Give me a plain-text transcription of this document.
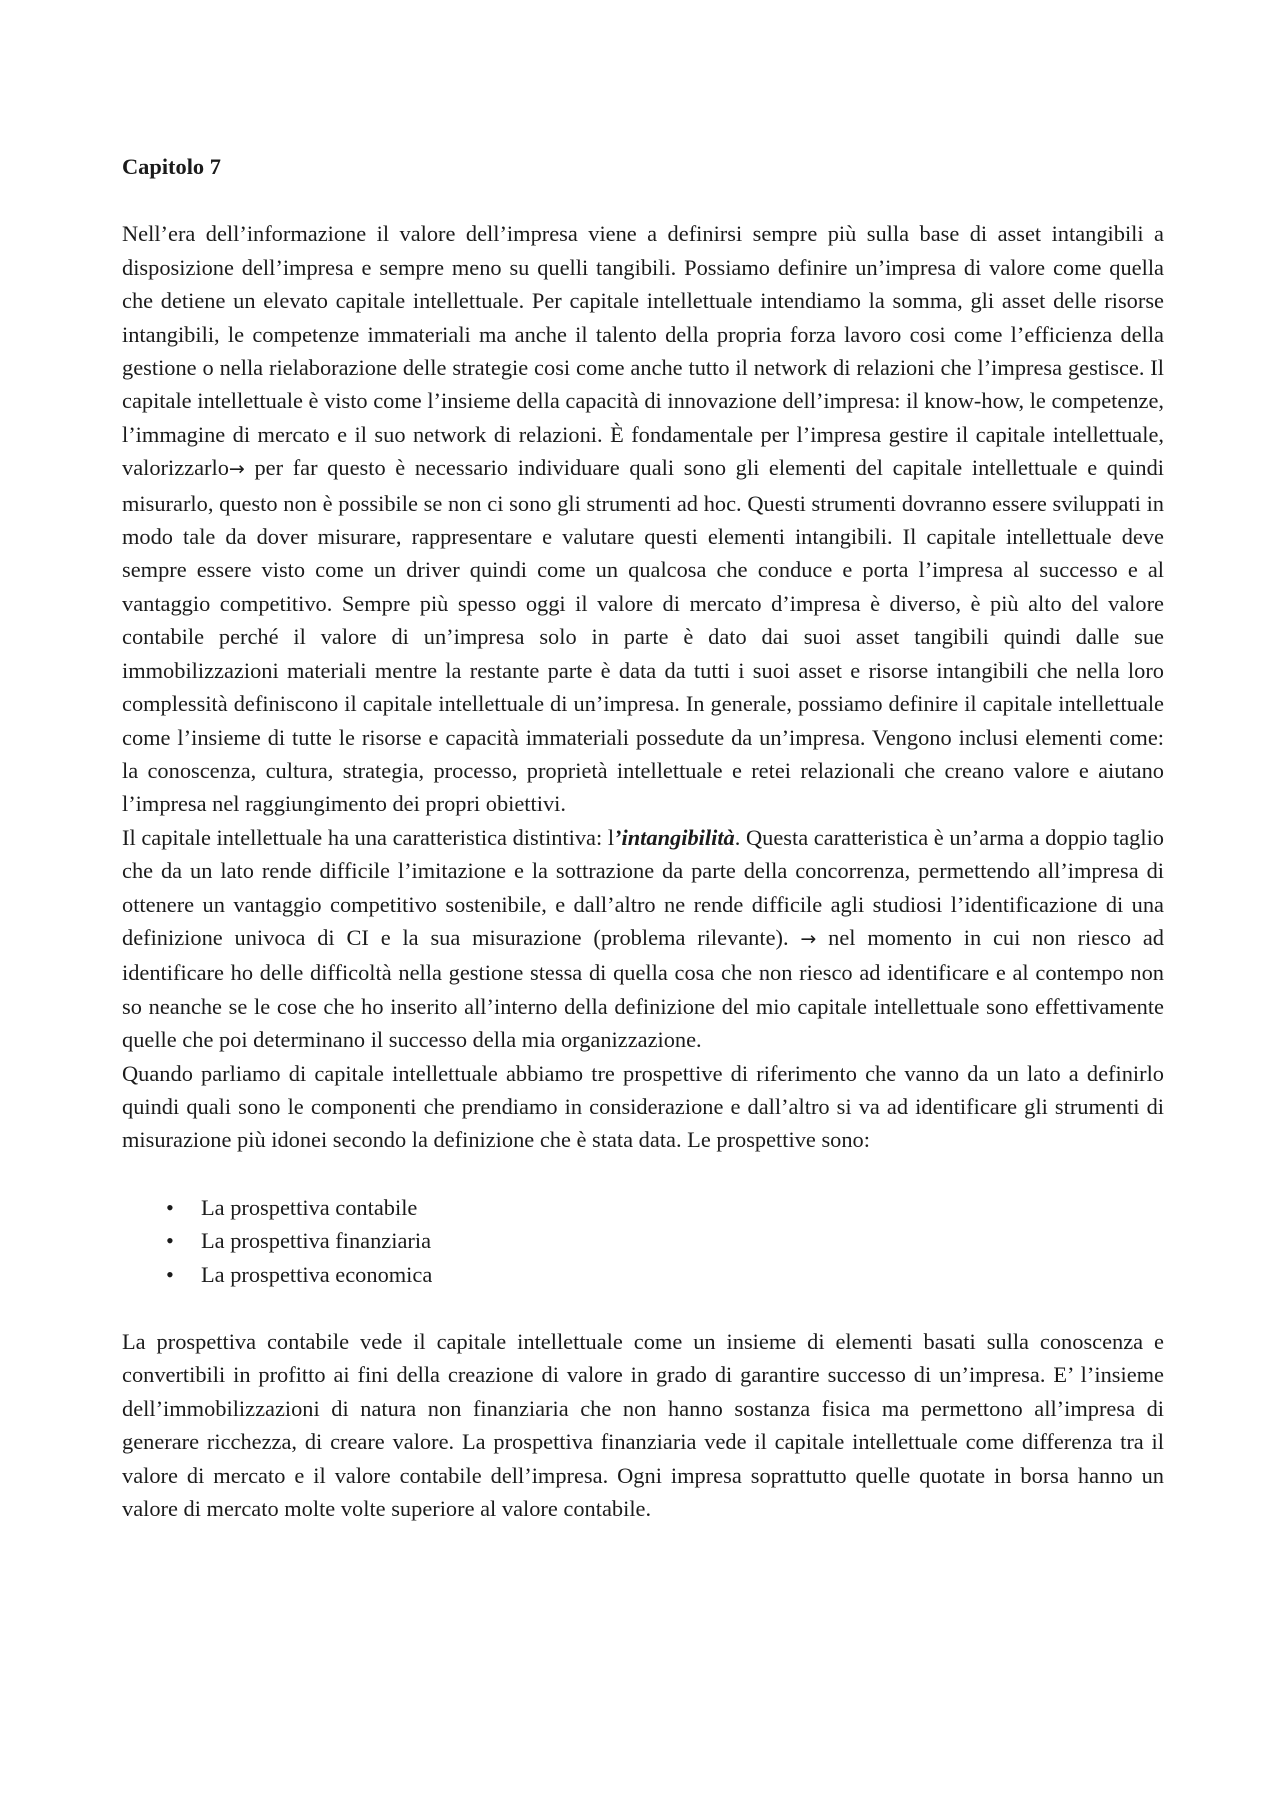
Capitolo 7

Nell’era dell’informazione il valore dell’impresa viene a definirsi sempre più sulla base di asset intangibili a disposizione dell’impresa e sempre meno su quelli tangibili. Possiamo definire un’impresa di valore come quella che detiene un elevato capitale intellettuale. Per capitale intellettuale intendiamo la somma, gli asset delle risorse intangibili, le competenze immateriali ma anche il talento della propria forza lavoro cosi come l’efficienza della gestione o nella rielaborazione delle strategie cosi come anche tutto il network di relazioni che l’impresa gestisce. Il capitale intellettuale è visto come l’insieme della capacità di innovazione dell’impresa: il know-how, le competenze, l’immagine di mercato e il suo network di relazioni. È fondamentale per l’impresa gestire il capitale intellettuale, valorizzarlo→ per far questo è necessario individuare quali sono gli elementi del capitale intellettuale e quindi misurarlo, questo non è possibile se non ci sono gli strumenti ad hoc. Questi strumenti dovranno essere sviluppati in modo tale da dover misurare, rappresentare e valutare questi elementi intangibili. Il capitale intellettuale deve sempre essere visto come un driver quindi come un qualcosa che conduce e porta l’impresa al successo e al vantaggio competitivo. Sempre più spesso oggi il valore di mercato d’impresa è diverso, è più alto del valore contabile perché il valore di un’impresa solo in parte è dato dai suoi asset tangibili quindi dalle sue immobilizzazioni materiali mentre la restante parte è data da tutti i suoi asset e risorse intangibili che nella loro complessità definiscono il capitale intellettuale di un’impresa. In generale, possiamo definire il capitale intellettuale come l’insieme di tutte le risorse e capacità immateriali possedute da un’impresa. Vengono inclusi elementi come: la conoscenza, cultura, strategia, processo, proprietà intellettuale e retei relazionali che creano valore e aiutano l’impresa nel raggiungimento dei propri obiettivi.

Il capitale intellettuale ha una caratteristica distintiva: l’intangibilità. Questa caratteristica è un’arma a doppio taglio che da un lato rende difficile l’imitazione e la sottrazione da parte della concorrenza, permettendo all’impresa di ottenere un vantaggio competitivo sostenibile, e dall’altro ne rende difficile agli studiosi l’identificazione di una definizione univoca di CI e la sua misurazione (problema rilevante). → nel momento in cui non riesco ad identificare ho delle difficoltà nella gestione stessa di quella cosa che non riesco ad identificare e al contempo non so neanche se le cose che ho inserito all’interno della definizione del mio capitale intellettuale sono effettivamente quelle che poi determinano il successo della mia organizzazione.

Quando parliamo di capitale intellettuale abbiamo tre prospettive di riferimento che vanno da un lato a definirlo quindi quali sono le componenti che prendiamo in considerazione e dall’altro si va ad identificare gli strumenti di misurazione più idonei secondo la definizione che è stata data. Le prospettive sono:

• La prospettiva contabile
• La prospettiva finanziaria
• La prospettiva economica

La prospettiva contabile vede il capitale intellettuale come un insieme di elementi basati sulla conoscenza e convertibili in profitto ai fini della creazione di valore in grado di garantire successo di un’impresa. E’ l’insieme dell’immobilizzazioni di natura non finanziaria che non hanno sostanza fisica ma permettono all’impresa di generare ricchezza, di creare valore. La prospettiva finanziaria vede il capitale intellettuale come differenza tra il valore di mercato e il valore contabile dell’impresa. Ogni impresa soprattutto quelle quotate in borsa hanno un valore di mercato molte volte superiore al valore contabile.
